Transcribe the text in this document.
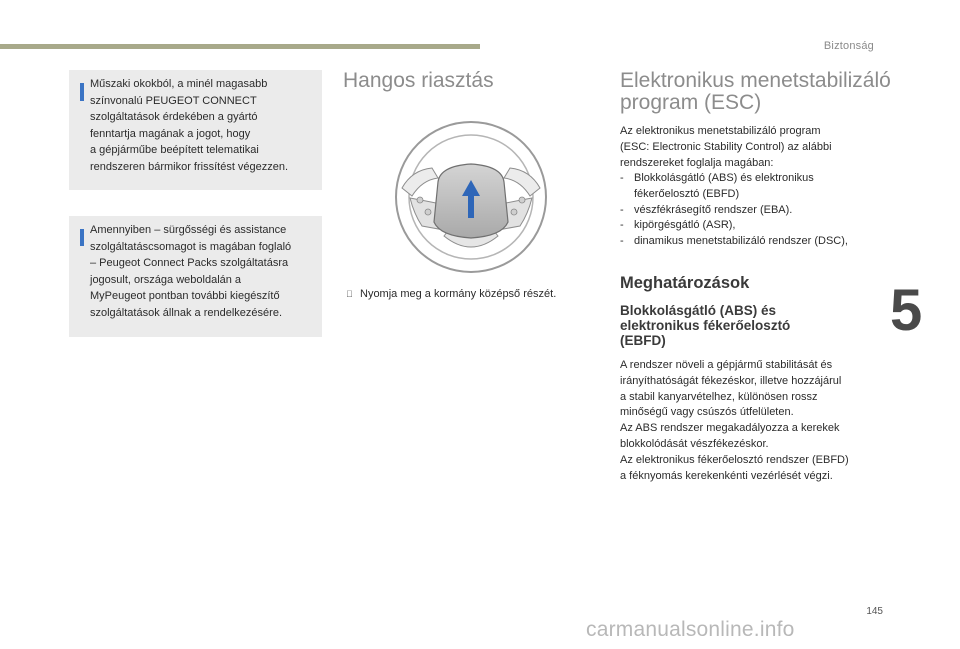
Biztonság
Műszaki okokból, a minél magasabb
színvonalú PEUGEOT CONNECT
szolgáltatások érdekében a gyártó
fenntartja magának a jogot, hogy
a gépjárműbe beépített telematikai
rendszeren bármikor frissítést végezzen.
Amennyiben – sürgősségi és assistance
szolgáltatáscsomagot is magában foglaló
– Peugeot Connect Packs szolgáltatásra
jogosult, országa weboldalán a
MyPeugeot pontban további kiegészítő
szolgáltatások állnak a rendelkezésére.
Hangos riasztás
Nyomja meg a kormány középső részét.
Elektronikus menetstabilizáló
program (ESC)
Az elektronikus menetstabilizáló program
(ESC: Electronic Stability Control) az alábbi
rendszereket foglalja magában:
- Blokkolásgátló (ABS) és elektronikus
fékerőelosztó (EBFD)
- vészfékrásegítő rendszer (EBA).
- kipörgésgátló (ASR),
- dinamikus menetstabilizáló rendszer (DSC),
Meghatározások
Blokkolásgátló (ABS) és
elektronikus fékerőelosztó
(EBFD)
A rendszer növeli a gépjármű stabilitását és
irányíthatóságát fékezéskor, illetve hozzájárul
a stabil kanyarvételhez, különösen rossz
minőségű vagy csúszós útfelületen.
Az ABS rendszer megakadályozza a kerekek
blokkolódását vészfékezéskor.
Az elektronikus fékerőelosztó rendszer (EBFD)
a féknyomás kerekenkénti vezérlését végzi.
5
145
carmanualsonline.info
